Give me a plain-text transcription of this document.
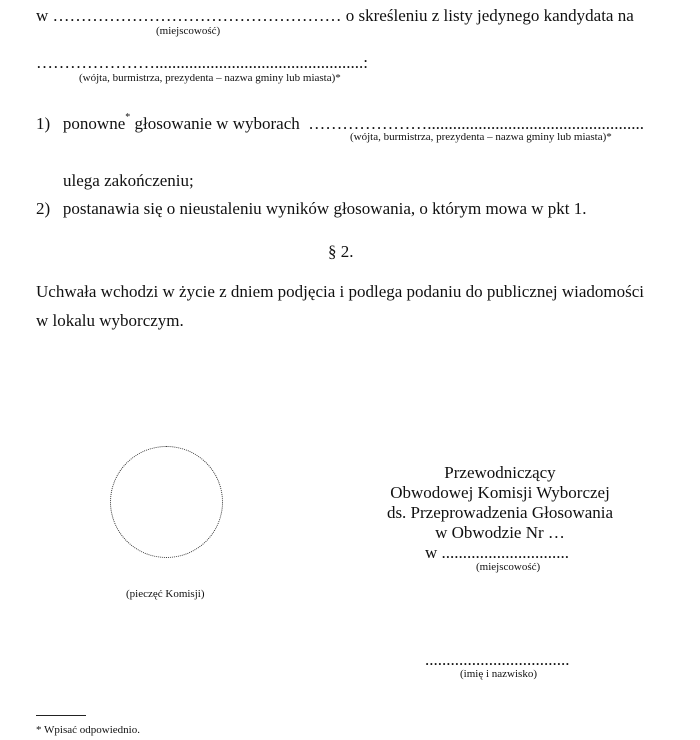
w …………………………………………… o skreśleniu z listy jedynego kandydata na
(miejscowość)
………………….................................................:
(wójta, burmistrza, prezydenta – nazwa gminy lub miasta)*
1) ponowne* głosowanie w wyborach …………………...................................................
(wójta, burmistrza, prezydenta – nazwa gminy lub miasta)*
ulega zakończeniu;
2) postanawia się o nieustaleniu wyników głosowania, o którym mowa w pkt 1.
§ 2.
Uchwała wchodzi w życie z dniem podjęcia i podlega podaniu do publicznej wiadomości
w lokalu wyborczym.
(pieczęć Komisji)
Przewodniczący
Obwodowej Komisji Wyborczej
ds. Przeprowadzenia Głosowania
w Obwodzie Nr …
w ..............................
(miejscowość)
..................................
(imię i nazwisko)
* Wpisać odpowiednio.
